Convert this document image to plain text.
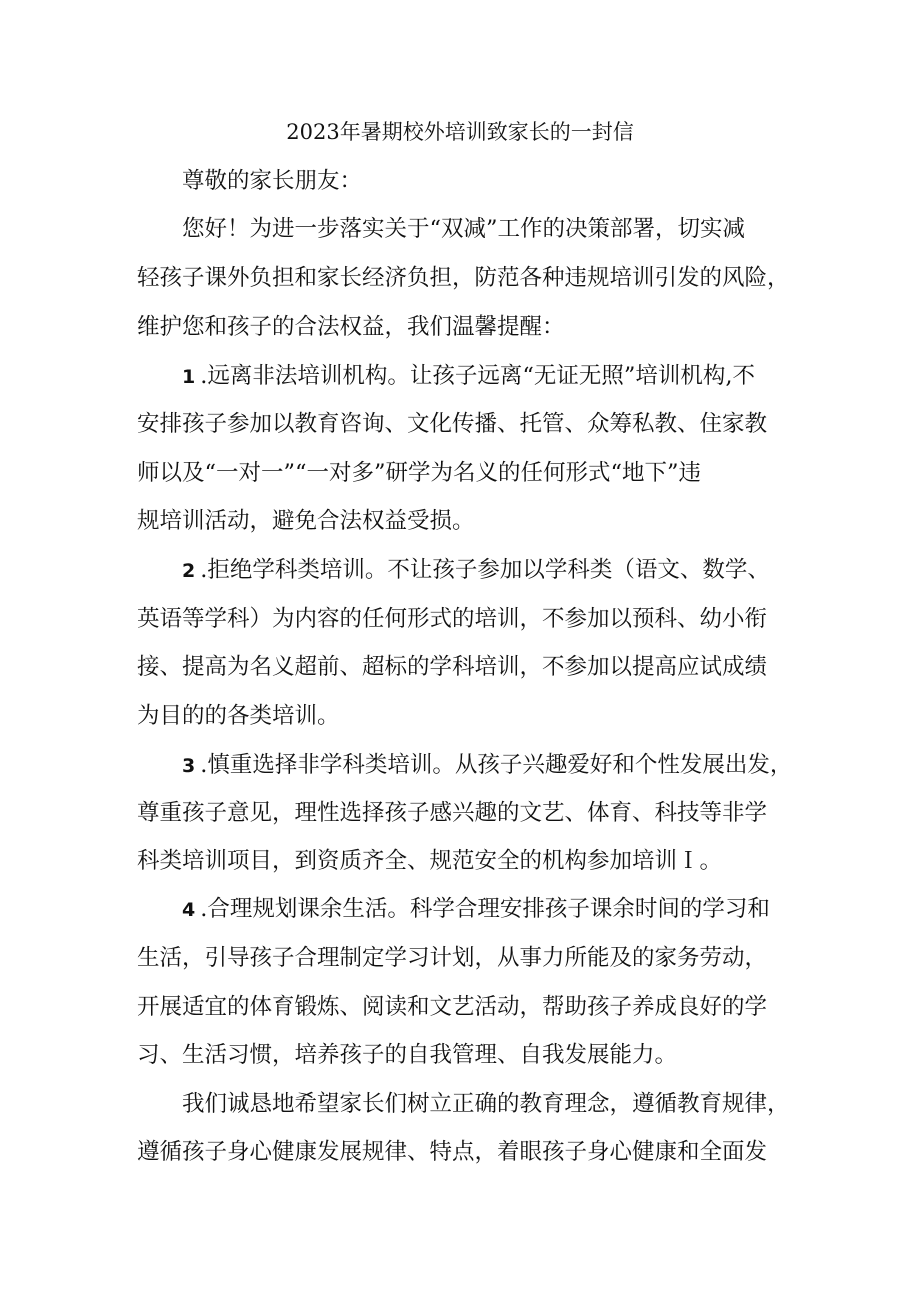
2023年暑期校外培训致家长的一封信
尊敬的家长朋友：
您好！为进一步落实关于“双减”工作的决策部署，切实减
轻孩子课外负担和家长经济负担，防范各种违规培训引发的风险，
维护您和孩子的合法权益，我们温馨提醒：
1 .远离非法培训机构。让孩子远离“无证无照”培训机构,不
安排孩子参加以教育咨询、文化传播、托管、众筹私教、住家教
师以及“一对一”“一对多”研学为名义的任何形式“地下”违
规培训活动，避免合法权益受损。
2 .拒绝学科类培训。不让孩子参加以学科类（语文、数学、
英语等学科）为内容的任何形式的培训，不参加以预科、幼小衔
接、提高为名义超前、超标的学科培训，不参加以提高应试成绩
为目的的各类培训。
3 .慎重选择非学科类培训。从孩子兴趣爱好和个性发展出发，
尊重孩子意见，理性选择孩子感兴趣的文艺、体育、科技等非学
科类培训项目，到资质齐全、规范安全的机构参加培训Ｉ。
4 .合理规划课余生活。科学合理安排孩子课余时间的学习和
生活，引导孩子合理制定学习计划，从事力所能及的家务劳动，
开展适宜的体育锻炼、阅读和文艺活动，帮助孩子养成良好的学
习、生活习惯，培养孩子的自我管理、自我发展能力。
我们诚恳地希望家长们树立正确的教育理念，遵循教育规律，
遵循孩子身心健康发展规律、特点，着眼孩子身心健康和全面发
